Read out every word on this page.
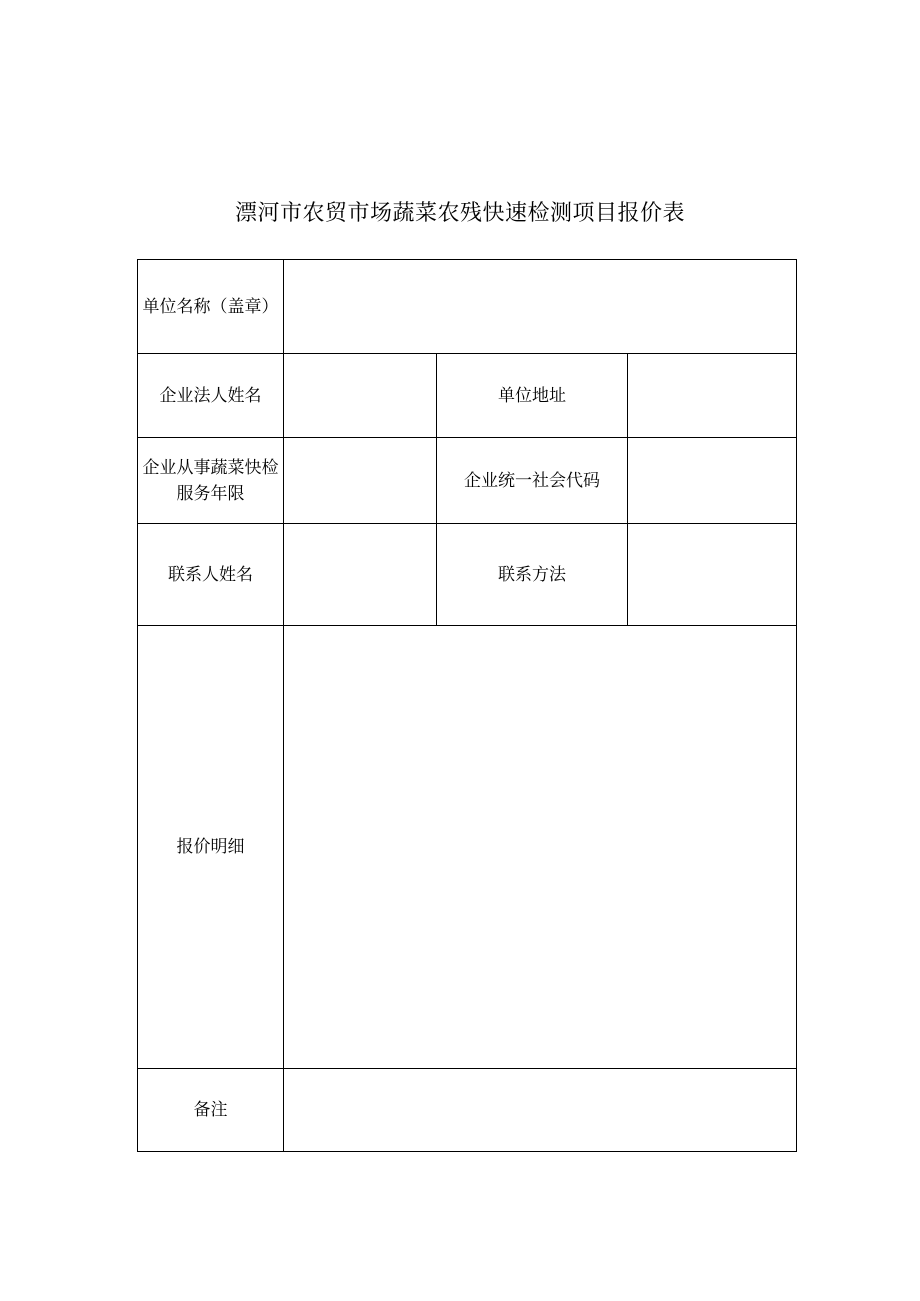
漂河市农贸市场蔬菜农残快速检测项目报价表
单位名称（盖章）			

企业法人姓名		单位地址	
企业从事蔬菜快检服务年限		企业统一社会代码	
联系人姓名		联系方法	
报价明细			
备注			
